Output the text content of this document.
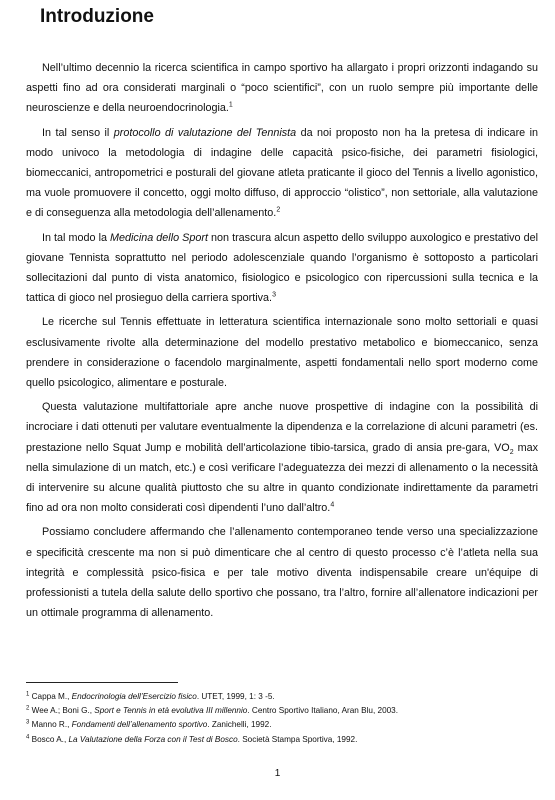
Introduzione

Nell’ultimo decennio la ricerca scientifica in campo sportivo ha allargato i propri orizzonti indagando su aspetti fino ad ora considerati marginali o “poco scientifici”, con un ruolo sempre più importante delle neuroscienze e della neuroendocrinologia.$^1$

In tal senso il protocollo di valutazione del Tennista da noi proposto non ha la pretesa di indicare in modo univoco la metodologia di indagine delle capacità psico-fisiche, dei parametri fisiologici, biomeccanici, antropometrici e posturali del giovane atleta praticante il gioco del Tennis a livello agonistico, ma vuole promuovere il concetto, oggi molto diffuso, di approccio “olistico”, non settoriale, alla valutazione e di conseguenza alla metodologia dell’allenamento.$^2$

In tal modo la Medicina dello Sport non trascura alcun aspetto dello sviluppo auxologico e prestativo del giovane Tennista soprattutto nel periodo adolescenziale quando l’organismo è sottoposto a particolari sollecitazioni dal punto di vista anatomico, fisiologico e psicologico con ripercussioni sulla tecnica e la tattica di gioco nel prosieguo della carriera sportiva.$^3$

Le ricerche sul Tennis effettuate in letteratura scientifica internazionale sono molto settoriali e quasi esclusivamente rivolte alla determinazione del modello prestativo metabolico e biomeccanico, senza prendere in considerazione o facendolo marginalmente, aspetti fondamentali nello sport moderno come quello psicologico, alimentare e posturale.

Questa valutazione multifattoriale apre anche nuove prospettive di indagine con la possibilità di incrociare i dati ottenuti per valutare eventualmente la dipendenza e la correlazione di alcuni parametri (es. prestazione nello Squat Jump e mobilità dell’articolazione tibio-tarsica, grado di ansia pre-gara, $VO_2$ max nella simulazione di un match, etc.) e così verificare l’adeguatezza dei mezzi di allenamento o la necessità di intervenire su alcune qualità piuttosto che su altre in quanto condizionate indirettamente da parametri fino ad ora non molto considerati così dipendenti l’uno dall’altro.$^4$

Possiamo concludere affermando che l’allenamento contemporaneo tende verso una specializzazione e specificità crescente ma non si può dimenticare che al centro di questo processo c’è l’atleta nella sua integrità e complessità psico-fisica e per tale motivo diventa indispensabile creare un'équipe di professionisti a tutela della salute dello sportivo che possano, tra l’altro, fornire all’allenatore indicazioni per un ottimale programma di allenamento.

$^1$ Cappa M., Endocrinologia dell’Esercizio fisico. UTET, 1999, 1: 3 -5.

$^2$ Wee A.; Boni G., Sport e Tennis in età evolutiva III millennio. Centro Sportivo Italiano, Aran Blu, 2003.

$^3$ Manno R., Fondamenti dell’allenamento sportivo. Zanichelli, 1992.

$^4$ Bosco A., La Valutazione della Forza con il Test di Bosco. Società Stampa Sportiva, 1992.

1
